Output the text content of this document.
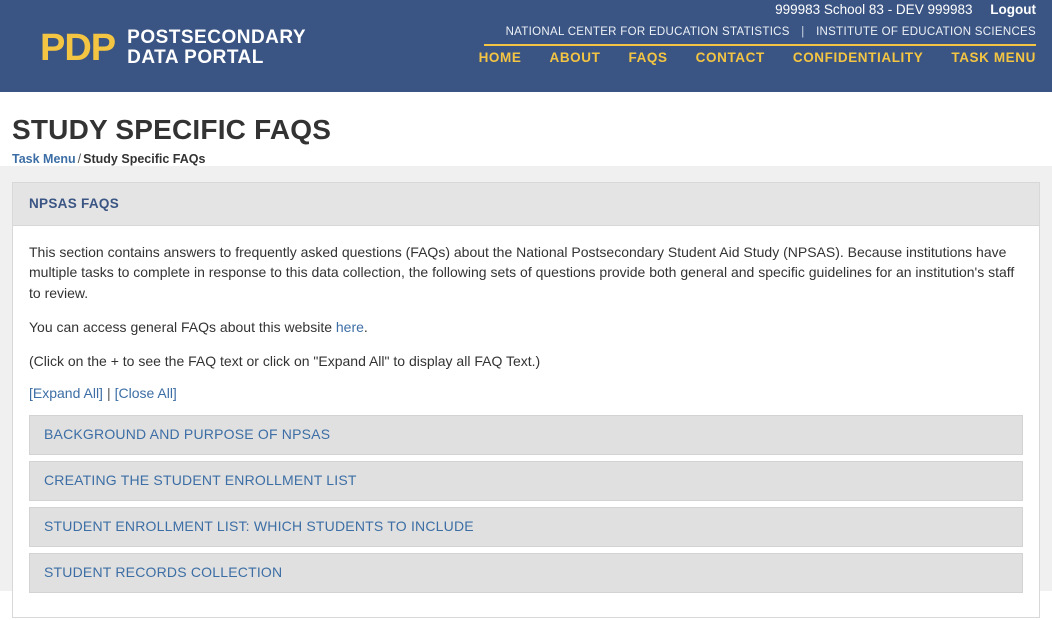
PDP POSTSECONDARY
DATA PORTAL
999983 School 83 - DEV 999983 Logout
NATIONAL CENTER FOR EDUCATION STATISTICS | INSTITUTE OF EDUCATION SCIENCES
HOME ABOUT FAQS CONTACT CONFIDENTIALITY TASK MENU
STUDY SPECIFIC FAQS
Task Menu / Study Specific FAQs
NPSAS FAQS

This section contains answers to frequently asked questions (FAQs) about the National Postsecondary Student Aid Study (NPSAS). Because institutions have multiple tasks to complete in response to this data collection, the following sets of questions provide both general and specific guidelines for an institution's staff to review.

You can access general FAQs about this website here.

(Click on the + to see the FAQ text or click on "Expand All" to display all FAQ Text.)

[Expand All] | [Close All]
BACKGROUND AND PURPOSE OF NPSAS
CREATING THE STUDENT ENROLLMENT LIST
STUDENT ENROLLMENT LIST: WHICH STUDENTS TO INCLUDE
STUDENT RECORDS COLLECTION
